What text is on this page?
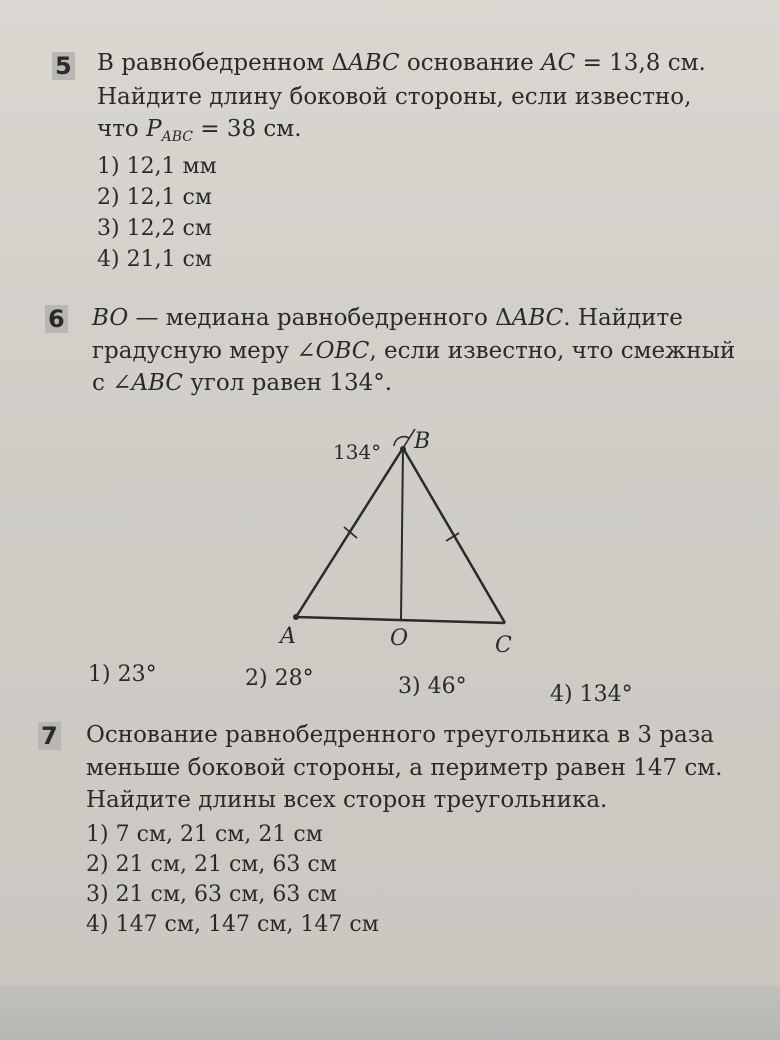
5 В равнобедренном ΔABC основание AC = 13,8 см.
Найдите длину боковой стороны, если известно,
что $P_{ABC} = 38$ см.
1) 12,1 мм
2) 12,1 см
3) 12,2 см
4) 21,1 см
6 BO — медиана равнобедренного ΔABC. Найдите
градусную меру ∠OBC, если известно, что смежный
с ∠ABC угол равен 134°.
134° B
A	O	C
1) 23°	2) 28°	3) 46°	4) 134°
7 Основание равнобедренного треугольника в 3 раза
меньше боковой стороны, а периметр равен 147 см.
Найдите длины всех сторон треугольника.
1) 7 см, 21 см, 21 см
2) 21 см, 21 см, 63 см
3) 21 см, 63 см, 63 см
4) 147 см, 147 см, 147 см
